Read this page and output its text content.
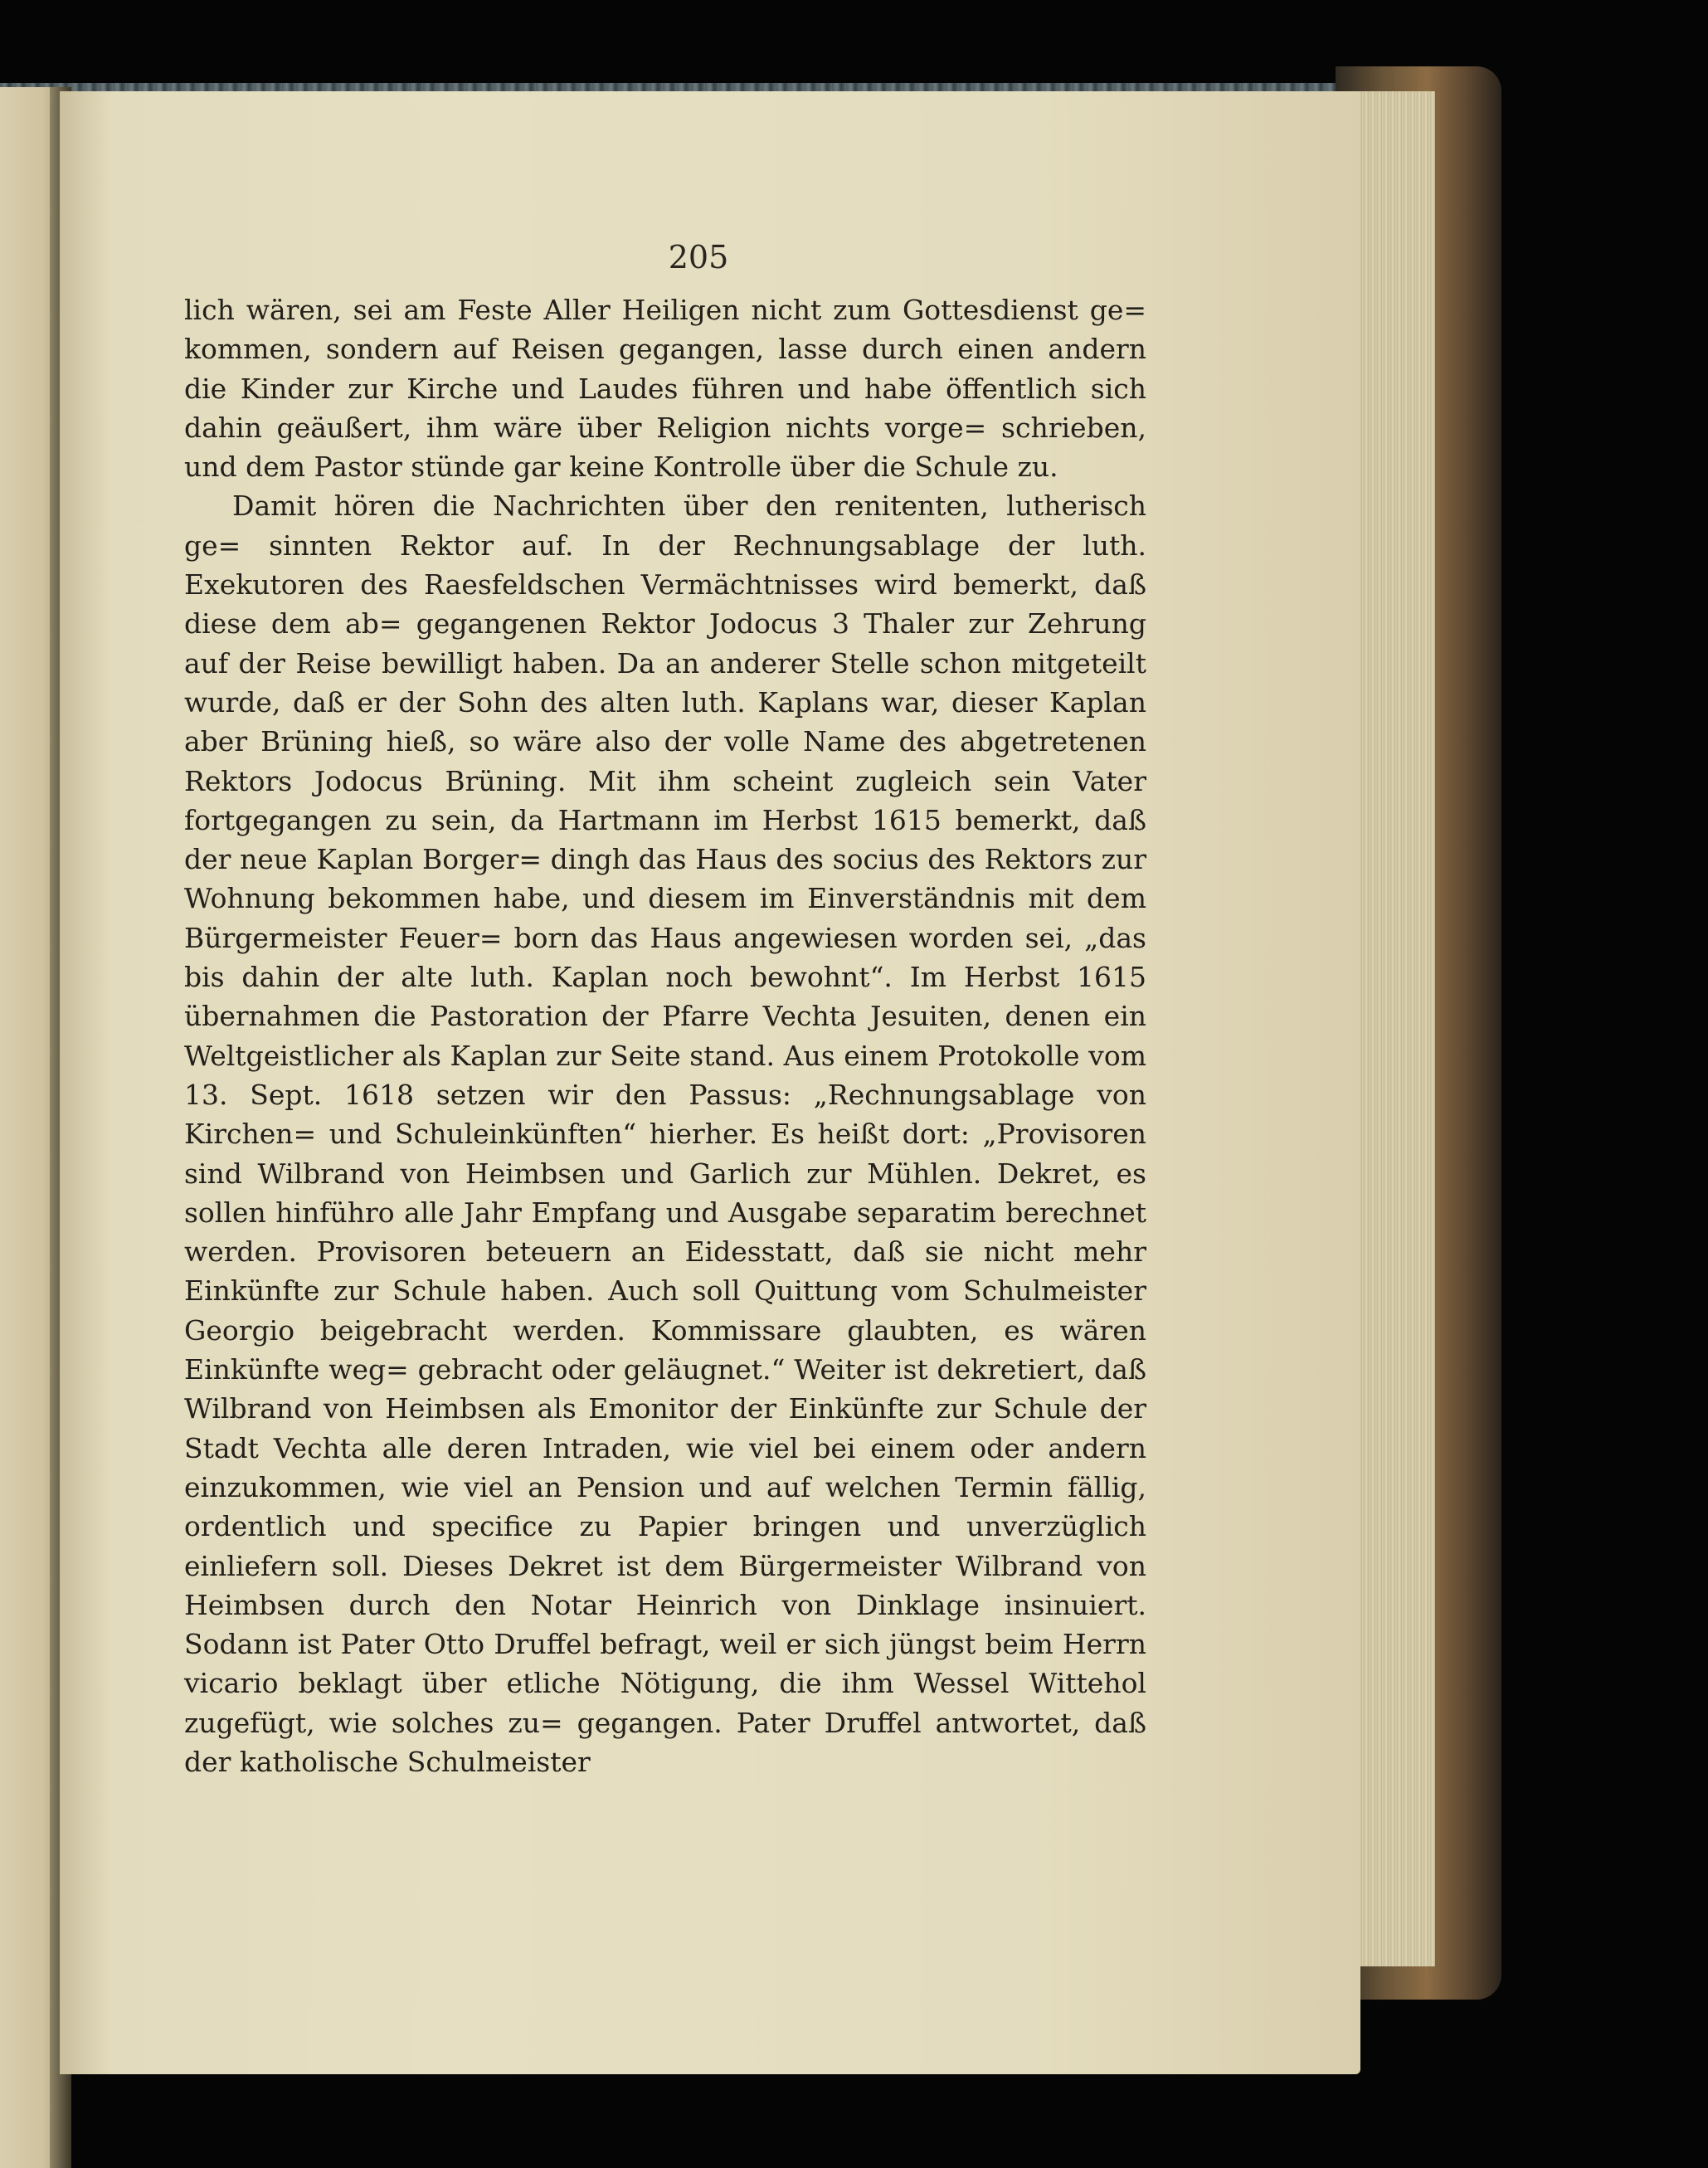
205

lich wären, sei am Feste Aller Heiligen nicht zum Gottesdienst ge= kommen, sondern auf Reisen gegangen, lasse durch einen andern die Kinder zur Kirche und Laudes führen und habe öffentlich sich dahin geäußert, ihm wäre über Religion nichts vorge= schrieben, und dem Pastor stünde gar keine Kontrolle über die Schule zu.

Damit hören die Nachrichten über den renitenten, lutherisch ge= sinnten Rektor auf. In der Rechnungsablage der luth. Exekutoren des Raesfeldschen Vermächtnisses wird bemerkt, daß diese dem ab= gegangenen Rektor Jodocus 3 Thaler zur Zehrung auf der Reise bewilligt haben. Da an anderer Stelle schon mitgeteilt wurde, daß er der Sohn des alten luth. Kaplans war, dieser Kaplan aber Brüning hieß, so wäre also der volle Name des abgetretenen Rektors Jodocus Brüning. Mit ihm scheint zugleich sein Vater fortgegangen zu sein, da Hartmann im Herbst 1615 bemerkt, daß der neue Kaplan Borger= dingh das Haus des socius des Rektors zur Wohnung bekommen habe, und diesem im Einverständnis mit dem Bürgermeister Feuer= born das Haus angewiesen worden sei, „das bis dahin der alte luth. Kaplan noch bewohnt“. Im Herbst 1615 übernahmen die Pastoration der Pfarre Vechta Jesuiten, denen ein Weltgeistlicher als Kaplan zur Seite stand. Aus einem Protokolle vom 13. Sept. 1618 setzen wir den Passus: „Rechnungsablage von Kirchen= und Schuleinkünften“ hierher. Es heißt dort: „Provisoren sind Wilbrand von Heimbsen und Garlich zur Mühlen. Dekret, es sollen hinführo alle Jahr Empfang und Ausgabe separatim berechnet werden. Provisoren beteuern an Eidesstatt, daß sie nicht mehr Einkünfte zur Schule haben. Auch soll Quittung vom Schulmeister Georgio beigebracht werden. Kommissare glaubten, es wären Einkünfte weg= gebracht oder geläugnet.“ Weiter ist dekretiert, daß Wilbrand von Heimbsen als Emonitor der Einkünfte zur Schule der Stadt Vechta alle deren Intraden, wie viel bei einem oder andern einzukommen, wie viel an Pension und auf welchen Termin fällig, ordentlich und specifice zu Papier bringen und unverzüglich einliefern soll. Dieses Dekret ist dem Bürgermeister Wilbrand von Heimbsen durch den Notar Heinrich von Dinklage insinuiert. Sodann ist Pater Otto Druffel befragt, weil er sich jüngst beim Herrn vicario beklagt über etliche Nötigung, die ihm Wessel Wittehol zugefügt, wie solches zu= gegangen. Pater Druffel antwortet, daß der katholische Schulmeister
